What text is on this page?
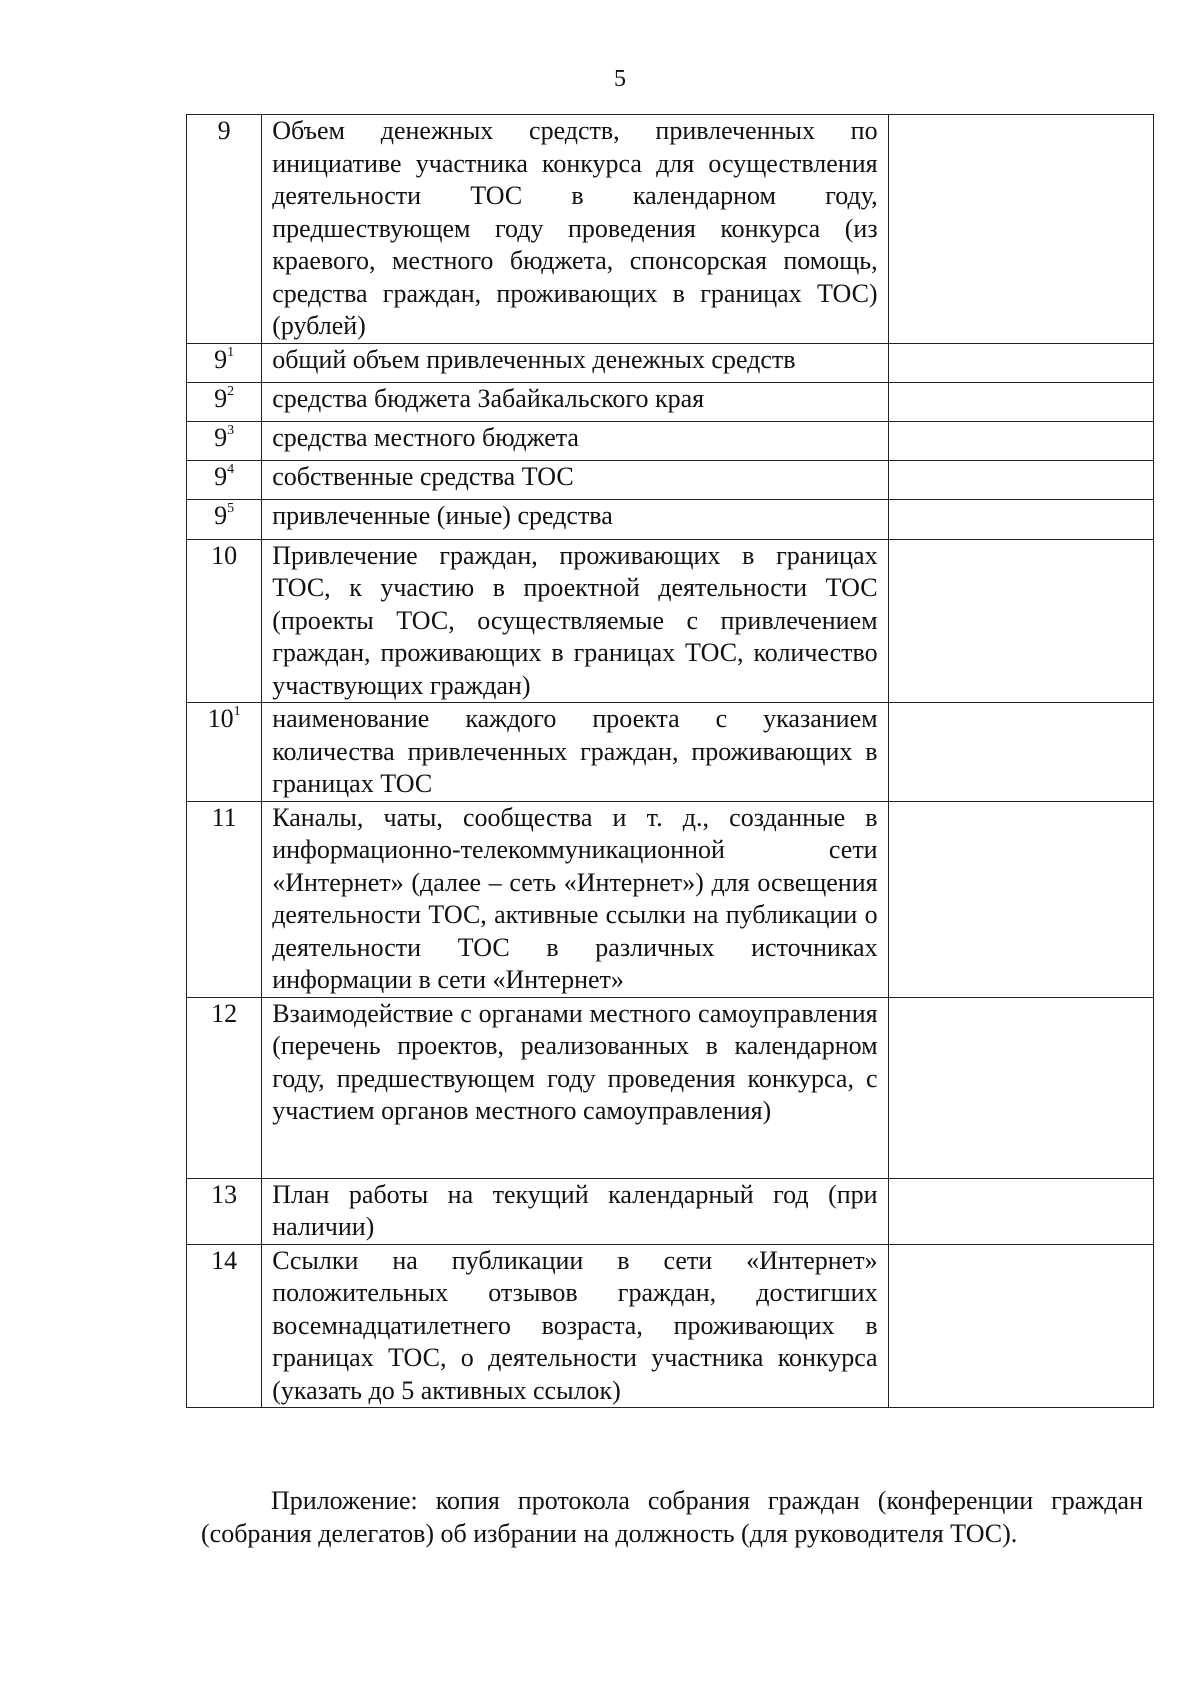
5
9	Объем денежных средств, привлеченных по инициативе участника конкурса для осуществления деятельности ТОС в календарном году, предшествующем году проведения конкурса (из краевого, местного бюджета, спонсорская помощь, средства граждан, проживающих в границах ТОС) (рублей)	
$9^1$	общий объем привлеченных денежных средств	
$9^2$	средства бюджета Забайкальского края	
$9^3$	средства местного бюджета	
$9^4$	собственные средства ТОС	
$9^5$	привлеченные (иные) средства	
10	Привлечение граждан, проживающих в границах ТОС, к участию в проектной деятельности ТОС (проекты ТОС, осуществляемые с привлечением граждан, проживающих в границах ТОС, количество участвующих граждан)	
$10^1$	наименование каждого проекта с указанием количества привлеченных граждан, проживающих в границах ТОС	
11	Каналы, чаты, сообщества и т. д., созданные в информационно-телекоммуникационной сети «Интернет» (далее – сеть «Интернет») для освещения деятельности ТОС, активные ссылки на публикации о деятельности ТОС в различных источниках информации в сети «Интернет»	
12	Взаимодействие с органами местного самоуправления (перечень проектов, реализованных в календарном году, предшествующем году проведения конкурса, с участием органов местного самоуправления)	
13	План работы на текущий календарный год (при наличии)	
14	Ссылки на публикации в сети «Интернет» положительных отзывов граждан, достигших восемнадцатилетнего возраста, проживающих в границах ТОС, о деятельности участника конкурса (указать до 5 активных ссылок)	

Приложение: копия протокола собрания граждан (конференции граждан (собрания делегатов) об избрании на должность (для руководителя ТОС).
